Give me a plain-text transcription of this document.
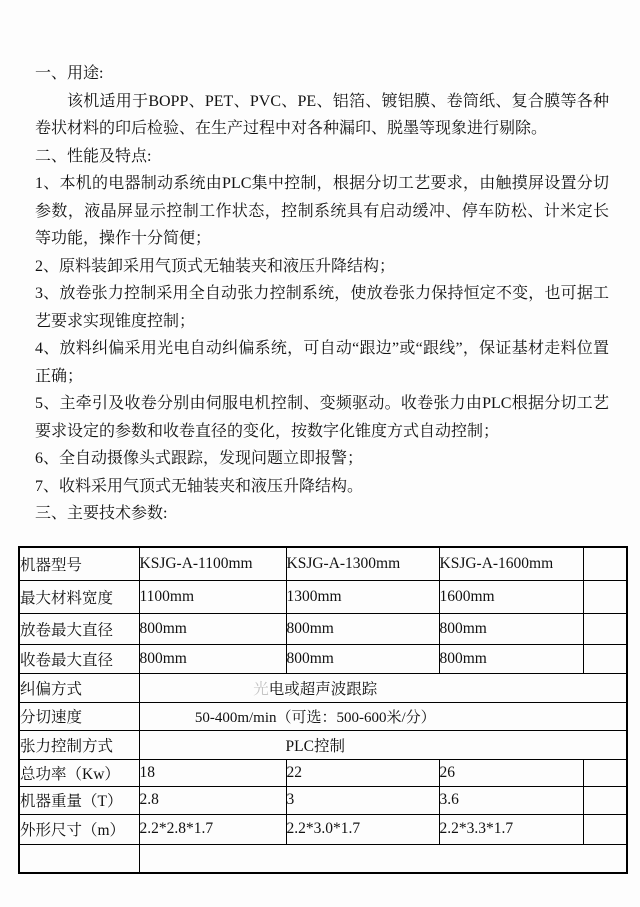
一、用途:

该机适用于BOPP、PET、PVC、PE、铝箔、镀铝膜、卷筒纸、复合膜等各种卷状材料的印后检验、在生产过程中对各种漏印、脱墨等现象进行剔除。

二、性能及特点:

1、本机的电器制动系统由PLC集中控制，根据分切工艺要求，由触摸屏设置分切参数，液晶屏显示控制工作状态，控制系统具有启动缓冲、停车防松、计米定长等功能，操作十分简便；

2、原料装卸采用气顶式无轴装夹和液压升降结构；

3、放卷张力控制采用全自动张力控制系统，使放卷张力保持恒定不变，也可据工艺要求实现锥度控制；

4、放料纠偏采用光电自动纠偏系统，可自动“跟边”或“跟线”，保证基材走料位置正确；

5、主牵引及收卷分别由伺服电机控制、变频驱动。收卷张力由PLC根据分切工艺要求设定的参数和收卷直径的变化，按数字化锥度方式自动控制；

6、全自动摄像头式跟踪，发现问题立即报警；

7、收料采用气顶式无轴装夹和液压升降结构。

三、主要技术参数:

机器型号	KSJG-A-1100mm	KSJG-A-1300mm	KSJG-A-1600mm	
最大材料宽度	1100mm	1300mm	1600mm	
放卷最大直径	800mm	800mm	800mm	
收卷最大直径	800mm	800mm	800mm	
纠偏方式	光电或超声波跟踪			

分切速度	50-400m/min（可选：500-600米/分）			

张力控制方式	PLC控制			

总功率（Kw）	18	22	26	
机器重量（T）	2.8	3	3.6	
外形尺寸（m）	2.2*2.8*1.7	2.2*3.0*1.7	2.2*3.3*1.7	
